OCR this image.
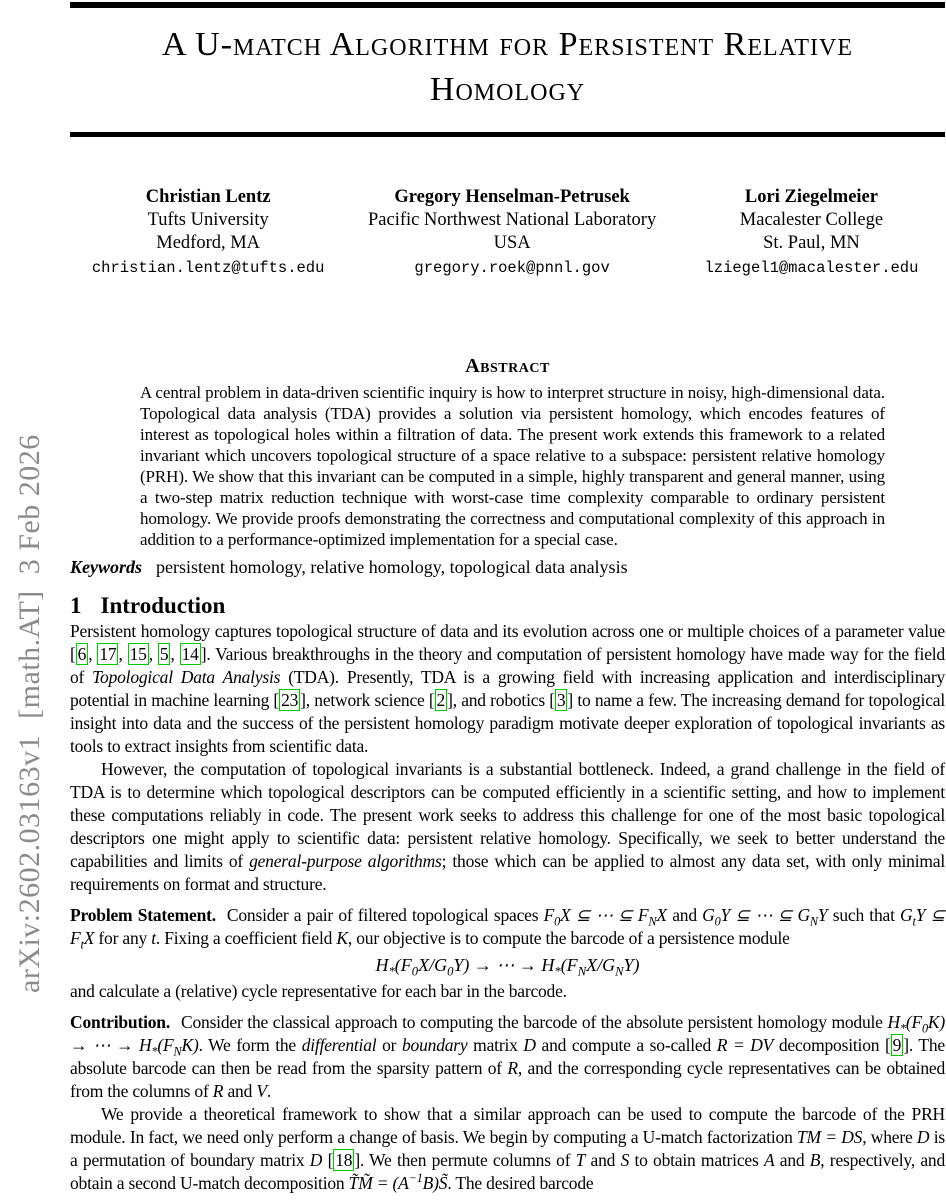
arXiv:2602.03163v1  [math.AT]  3 Feb 2026
A U-match Algorithm for Persistent Relative
Homology
Christian Lentz
Tufts University
Medford, MA
christian.lentz@tufts.edu
Gregory Henselman-Petrusek
Pacific Northwest National Laboratory
USA
gregory.roek@pnnl.gov
Lori Ziegelmeier
Macalester College
St. Paul, MN
lziegel1@macalester.edu
Abstract
A central problem in data-driven scientific inquiry is how to interpret structure in noisy, high-dimensional data. Topological data analysis (TDA) provides a solution via persistent homology, which encodes features of interest as topological holes within a filtration of data. The present work extends this framework to a related invariant which uncovers topological structure of a space relative to a subspace: persistent relative homology (PRH). We show that this invariant can be computed in a simple, highly transparent and general manner, using a two-step matrix reduction technique with worst-case time complexity comparable to ordinary persistent homology. We provide proofs demonstrating the correctness and computational complexity of this approach in addition to a performance-optimized implementation for a special case.
Keywords persistent homology, relative homology, topological data analysis
1 Introduction

Persistent homology captures topological structure of data and its evolution across one or multiple choices of a parameter value [ 6 , 17 , 15 , 5 , 14 ]. Various breakthroughs in the theory and computation of persistent homology have made way for the field of Topological Data Analysis (TDA). Presently, TDA is a growing field with increasing application and interdisciplinary potential in machine learning [ 23 ], network science [ 2 ], and robotics [ 3 ] to name a few. The increasing demand for topological insight into data and the success of the persistent homology paradigm motivate deeper exploration of topological invariants as tools to extract insights from scientific data.

However, the computation of topological invariants is a substantial bottleneck. Indeed, a grand challenge in the field of TDA is to determine which topological descriptors can be computed efficiently in a scientific setting, and how to implement these computations reliably in code. The present work seeks to address this challenge for one of the most basic topological descriptors one might apply to scientific data: persistent relative homology. Specifically, we seek to better understand the capabilities and limits of general-purpose algorithms; those which can be applied to almost any data set, with only minimal requirements on format and structure.

Problem Statement. Consider a pair of filtered topological spaces $F_0X$ ⊆ ⋯ ⊆ $F_NX$ and $G_0Y$ ⊆ ⋯ ⊆ $G_NY$ such that $G_tY$ ⊆ $F_tX$ for any t. Fixing a coefficient field K, our objective is to compute the barcode of a persistence module

$H_*(F_0X/G_0Y)$ → ⋯ → $H_*(F_NX/G_NY)$

and calculate a (relative) cycle representative for each bar in the barcode.

Contribution. Consider the classical approach to computing the barcode of the absolute persistent homology module $H_*(F_0K)$ → ⋯ → $H_*(F_NK)$. We form the differential or boundary matrix D and compute a so-called R = DV decomposition [ 9 ]. The absolute barcode can then be read from the sparsity pattern of R, and the corresponding cycle representatives can be obtained from the columns of R and V.

We provide a theoretical framework to show that a similar approach can be used to compute the barcode of the PRH module. In fact, we need only perform a change of basis. We begin by computing a U-match factorization TM = DS, where D is a permutation of boundary matrix D [ 18 ]. We then permute columns of T and S to obtain matrices A and B, respectively, and obtain a second U-match decomposition T̃M̃ = $(A^{-1}B)S̃$. The desired barcode
